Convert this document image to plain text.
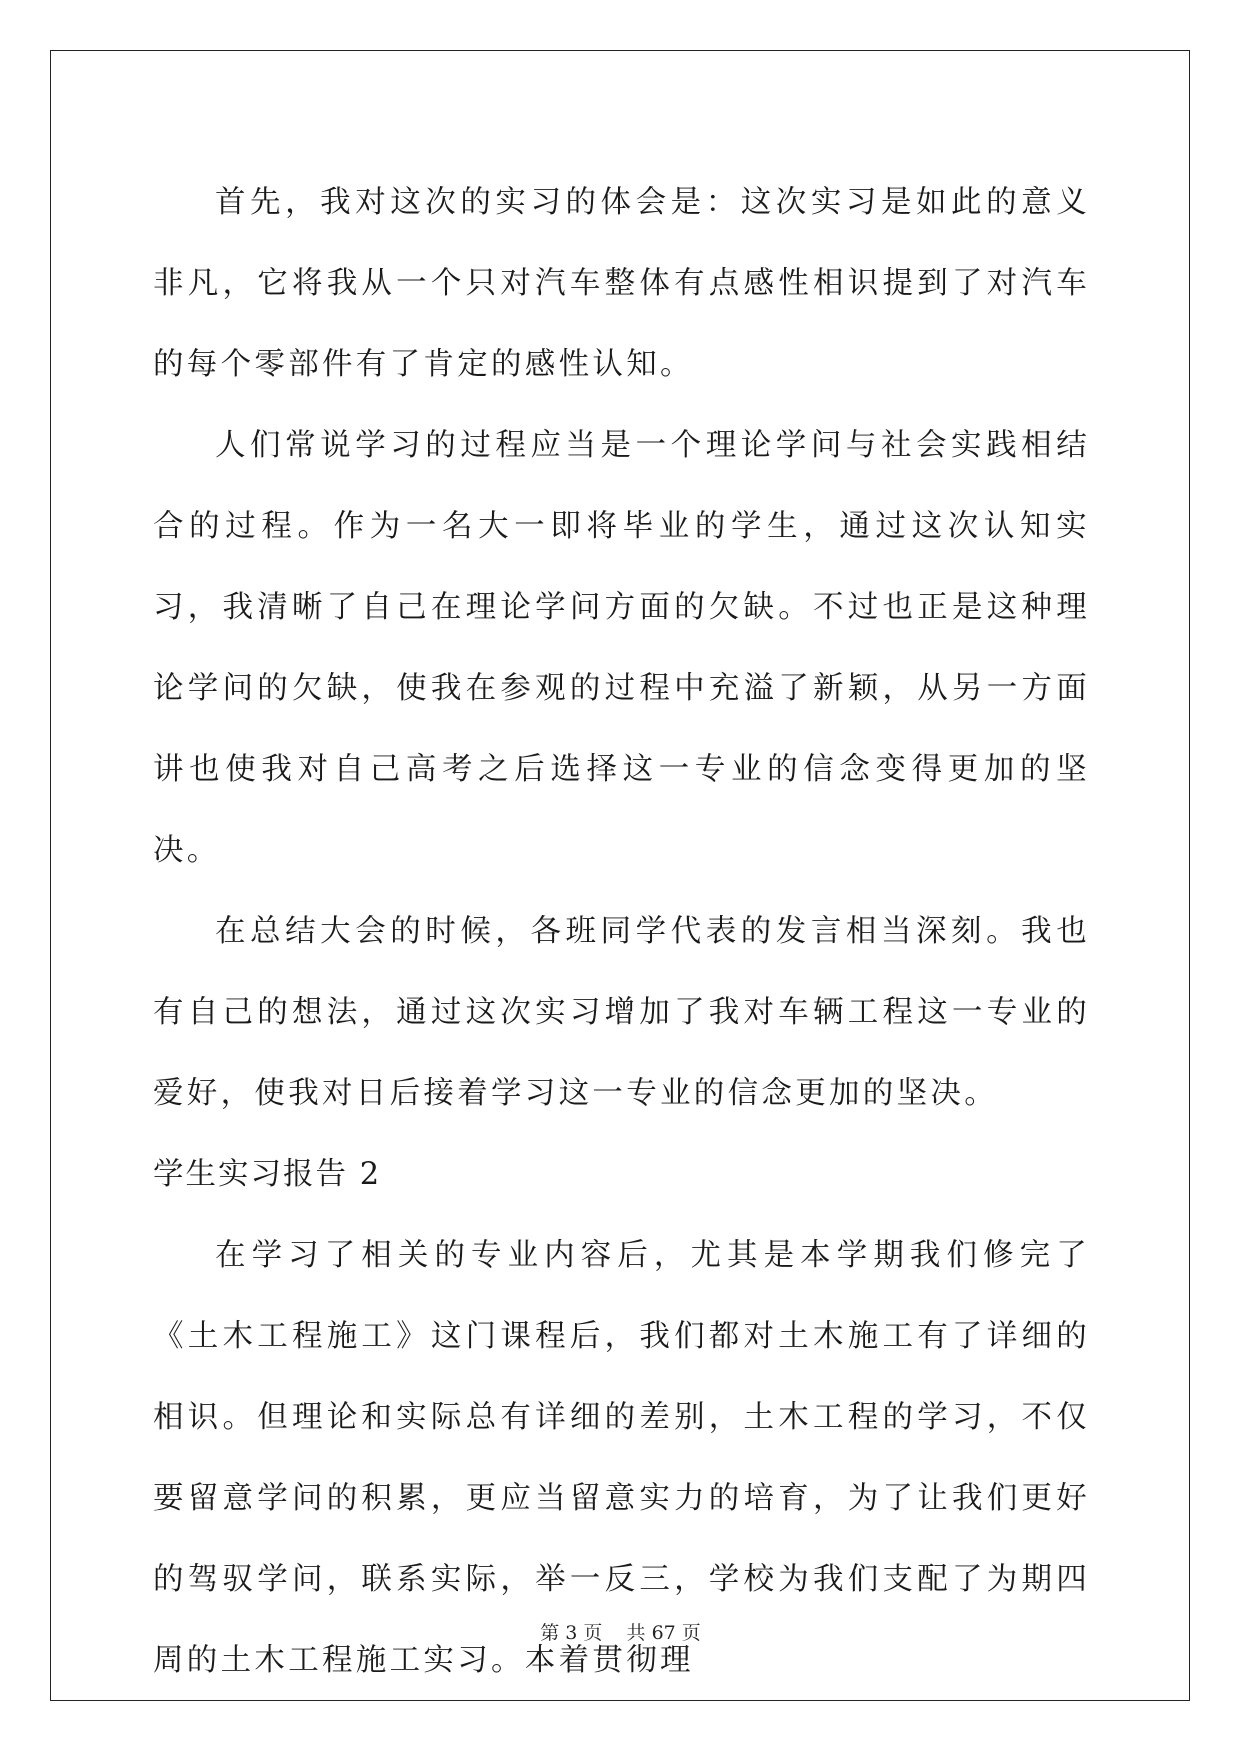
首先，我对这次的实习的体会是：这次实习是如此的意义非凡，它将我从一个只对汽车整体有点感性相识提到了对汽车的每个零部件有了肯定的感性认知。

人们常说学习的过程应当是一个理论学问与社会实践相结合的过程。作为一名大一即将毕业的学生，通过这次认知实习，我清晰了自己在理论学问方面的欠缺。不过也正是这种理论学问的欠缺，使我在参观的过程中充溢了新颖，从另一方面讲也使我对自己高考之后选择这一专业的信念变得更加的坚决。

在总结大会的时候，各班同学代表的发言相当深刻。我也有自己的想法，通过这次实习增加了我对车辆工程这一专业的爱好，使我对日后接着学习这一专业的信念更加的坚决。

学生实习报告 2

在学习了相关的专业内容后，尤其是本学期我们修完了《土木工程施工》这门课程后，我们都对土木施工有了详细的相识。但理论和实际总有详细的差别，土木工程的学习，不仅要留意学问的积累，更应当留意实力的培育，为了让我们更好的驾驭学问，联系实际，举一反三，学校为我们支配了为期四周的土木工程施工实习。本着贯彻理

第 3 页 共 67 页
